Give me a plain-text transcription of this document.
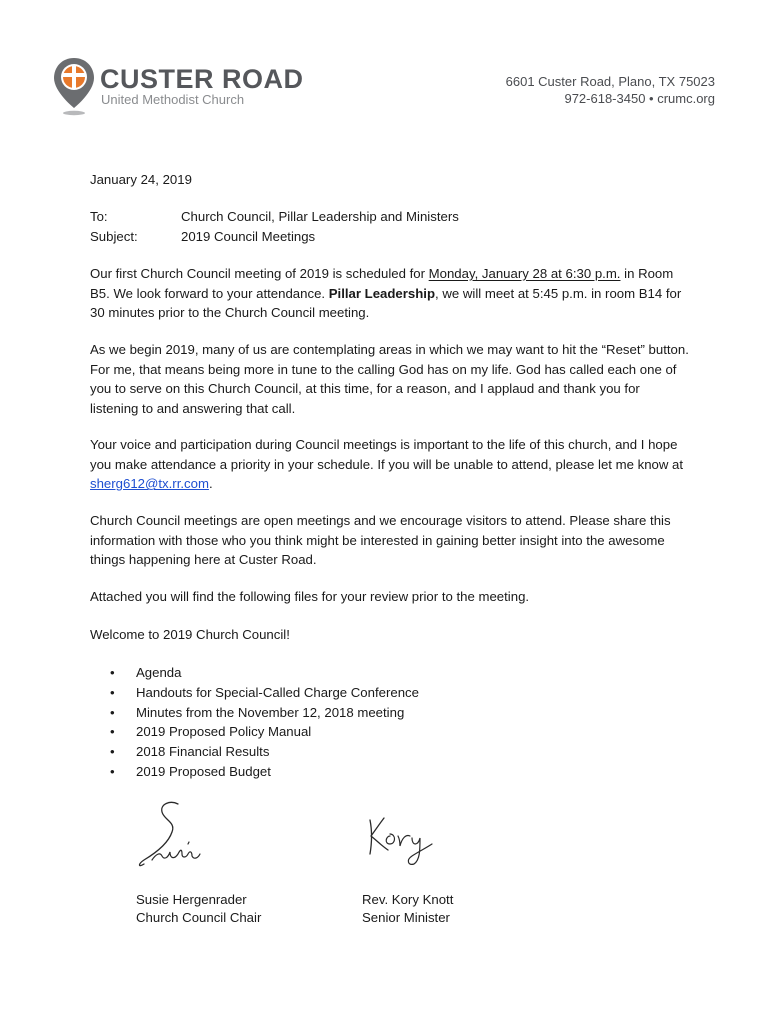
CUSTER ROAD
United Methodist Church
6601 Custer Road, Plano, TX 75023
972-618-3450 • crumc.org
January 24, 2019
To:	Church Council, Pillar Leadership and Ministers
Subject:	2019 Council Meetings

Our first Church Council meeting of 2019 is scheduled for Monday, January 28 at 6:30 p.m. in Room B5. We look forward to your attendance. Pillar Leadership, we will meet at 5:45 p.m. in room B14 for 30 minutes prior to the Church Council meeting.

As we begin 2019, many of us are contemplating areas in which we may want to hit the “Reset” button. For me, that means being more in tune to the calling God has on my life. God has called each one of you to serve on this Church Council, at this time, for a reason, and I applaud and thank you for listening to and answering that call.

Your voice and participation during Council meetings is important to the life of this church, and I hope you make attendance a priority in your schedule. If you will be unable to attend, please let me know at sherg612@tx.rr.com.

Church Council meetings are open meetings and we encourage visitors to attend. Please share this information with those who you think might be interested in gaining better insight into the awesome things happening here at Custer Road.

Attached you will find the following files for your review prior to the meeting.

Welcome to 2019 Church Council!

• Agenda
• Handouts for Special-Called Charge Conference
• Minutes from the November 12, 2018 meeting
• 2019 Proposed Policy Manual
• 2018 Financial Results
• 2019 Proposed Budget
Susie Hergenrader
Church Council Chair
Rev. Kory Knott
Senior Minister
